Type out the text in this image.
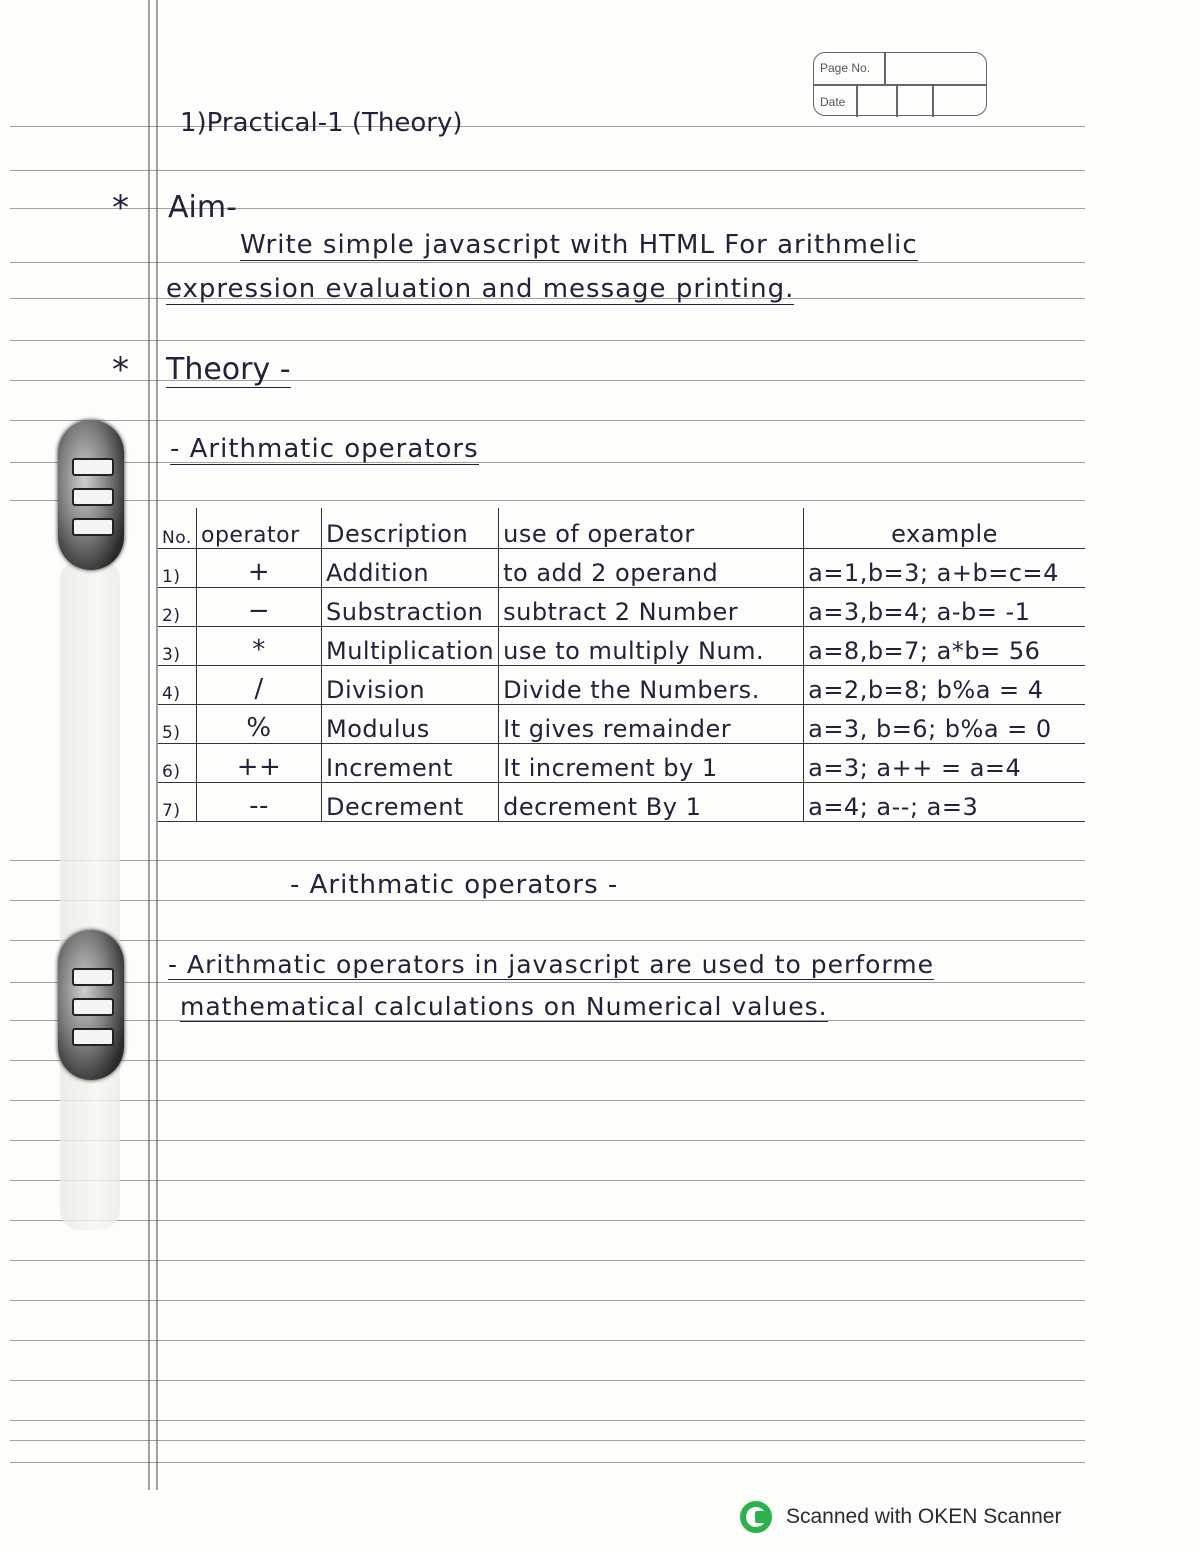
Page No.
Date
1)Practical-1 (Theory)
* Aim-
Write simple javascript with HTML For arithmelic
expression evaluation and message printing.
* Theory -
- Arithmatic operators
No.	operator	Description	use of operator	example
1)	+	Addition	to add 2 operand	a=1,b=3; a+b=c=4
2)	−	Substraction	subtract 2 Number	a=3,b=4; a-b= -1
3)	*	Multiplication	use to multiply Num.	a=8,b=7; a*b= 56
4)	/	Division	Divide the Numbers.	a=2,b=8; b%a = 4
5)	%	Modulus	It gives remainder	a=3, b=6; b%a = 0
6)	++	Increment	It increment by 1	a=3; a++ = a=4
7)	--	Decrement	decrement By 1	a=4; a--; a=3
- Arithmatic operators -
- Arithmatic operators in javascript are used to performe
mathematical calculations on Numerical values.
Scanned with OKEN Scanner
